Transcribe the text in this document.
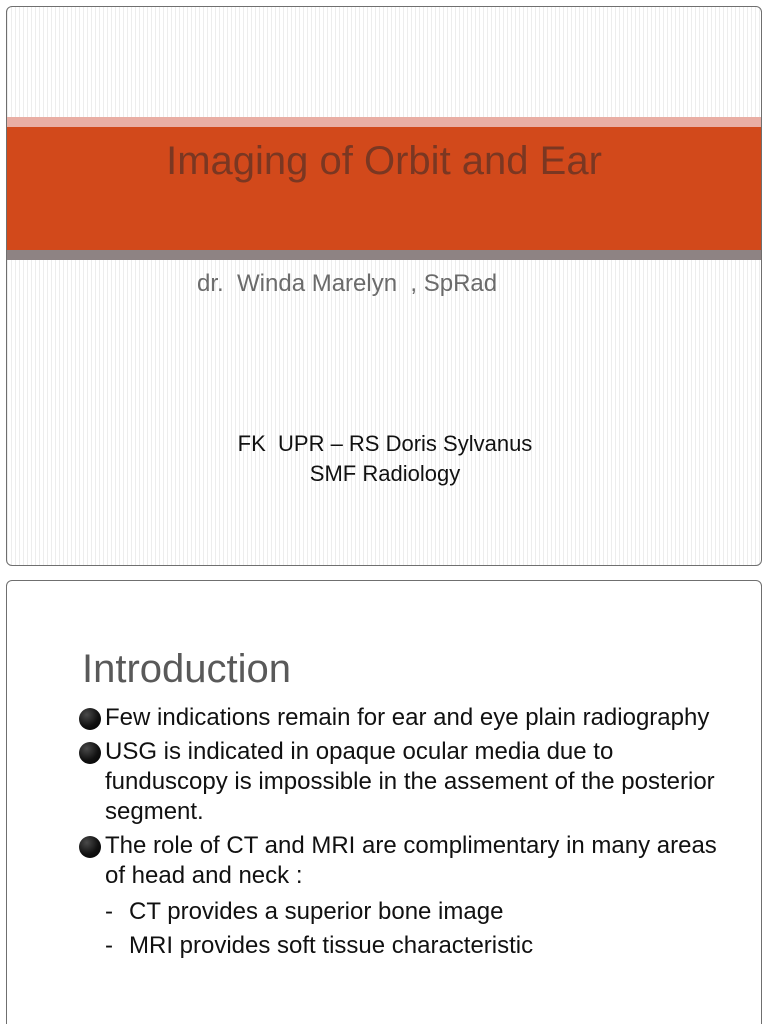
Imaging of Orbit and Ear
dr.  Winda Marelyn  , SpRad
FK  UPR – RS Doris Sylvanus
SMF Radiology
Introduction
Few indications remain for ear and eye plain radiography
USG is indicated in opaque ocular media due to funduscopy is impossible in the assement of the posterior segment.
The role of CT and MRI are complimentary in many areas of head and neck :
- CT provides a superior bone image
- MRI provides soft tissue characteristic
